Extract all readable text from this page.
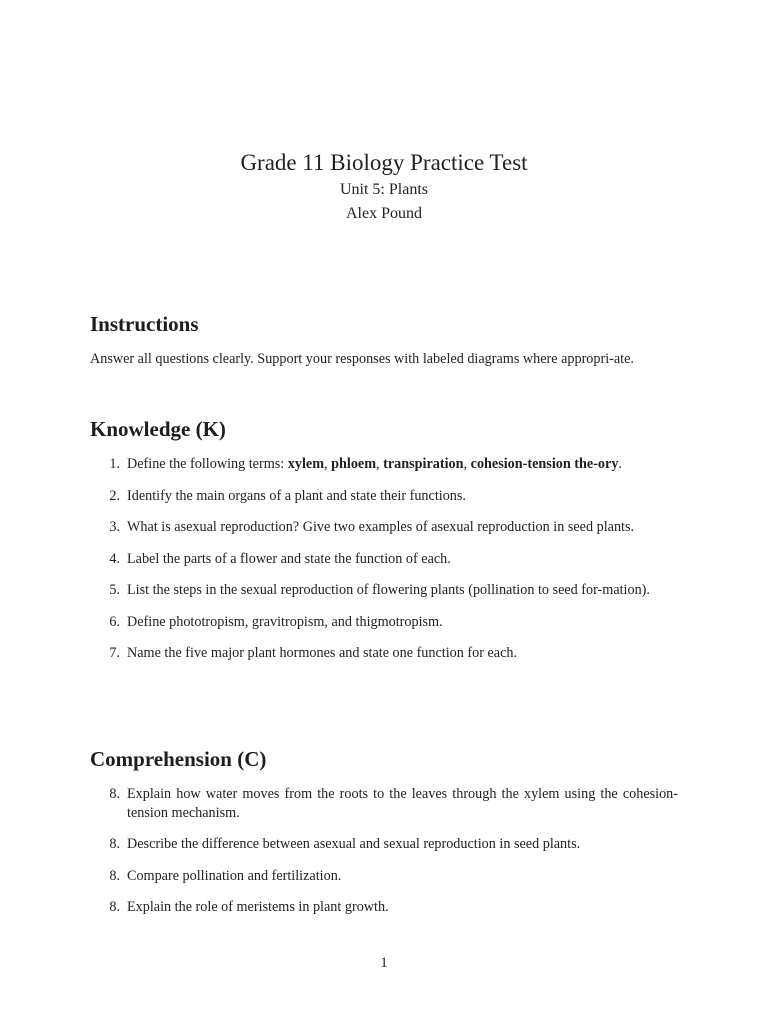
Grade 11 Biology Practice Test
Unit 5: Plants
Alex Pound
Instructions
Answer all questions clearly. Support your responses with labeled diagrams where appropri-ate.
Knowledge (K)
1. Define the following terms: xylem, phloem, transpiration, cohesion-tension the-ory.
2. Identify the main organs of a plant and state their functions.
3. What is asexual reproduction? Give two examples of asexual reproduction in seed plants.
4. Label the parts of a flower and state the function of each.
5. List the steps in the sexual reproduction of flowering plants (pollination to seed for-mation).
6. Define phototropism, gravitropism, and thigmotropism.
7. Name the five major plant hormones and state one function for each.
Comprehension (C)
8. Explain how water moves from the roots to the leaves through the xylem using the cohesion-tension mechanism.
8. Describe the difference between asexual and sexual reproduction in seed plants.
8. Compare pollination and fertilization.
8. Explain the role of meristems in plant growth.
1
